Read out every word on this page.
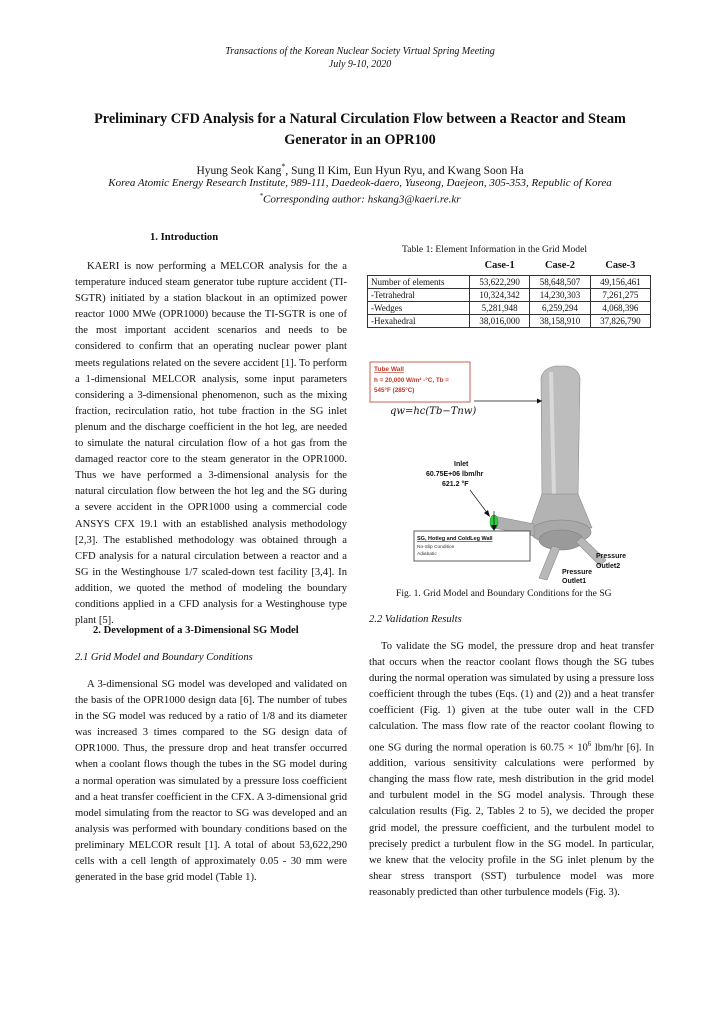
Transactions of the Korean Nuclear Society Virtual Spring Meeting
July 9-10, 2020
Preliminary CFD Analysis for a Natural Circulation Flow between a Reactor and Steam Generator in an OPR100
Hyung Seok Kang*, Sung Il Kim, Eun Hyun Ryu, and Kwang Soon Ha
Korea Atomic Energy Research Institute, 989-111, Daedeok-daero, Yuseong, Daejeon, 305-353, Republic of Korea
*Corresponding author: hskang3@kaeri.re.kr
1. Introduction

KAERI is now performing a MELCOR analysis for the a temperature induced steam generator tube rupture accident (TI-SGTR) initiated by a station blackout in an optimized power reactor 1000 MWe (OPR1000) because the TI-SGTR is one of the most important accident scenarios and needs to be considered to confirm that an operating nuclear power plant meets regulations related on the severe accident [1]. To perform a 1-dimensional MELCOR analysis, some input parameters considering a 3-dimensional phenomenon, such as the mixing fraction, recirculation ratio, hot tube fraction in the SG inlet plenum and the discharge coefficient in the hot leg, are needed to simulate the natural circulation flow of a hot gas from the damaged reactor core to the steam generator in the OPR1000. Thus we have performed a 3-dimensional analysis for the natural circulation flow between the hot leg and the SG during a severe accident in the OPR1000 using a commercial code ANSYS CFX 19.1 with an established analysis methodology [2,3]. The established methodology was obtained through a CFD analysis for a natural circulation between a reactor and a SG in the Westinghouse 1/7 scaled-down test facility [3,4]. In addition, we quoted the method of modeling the boundary conditions applied in a CFD analysis for a Westinghouse type plant [5].

2. Development of a 3-Dimensional SG Model
2.1 Grid Model and Boundary Conditions

A 3-dimensional SG model was developed and validated on the basis of the OPR1000 design data [6]. The number of tubes in the SG model was reduced by a ratio of 1/8 and its diameter was increased 3 times compared to the SG design data of OPR1000. Thus, the pressure drop and heat transfer occurred when a coolant flows though the tubes in the SG model during a normal operation was simulated by a pressure loss coefficient and a heat transfer coefficient in the CFX. A 3-dimensional grid model simulating from the reactor to SG was developed and an analysis was performed with boundary conditions based on the preliminary MELCOR result [1]. A total of about 53,622,290 cells with a cell length of approximately 0.05 - 30 mm were generated in the base grid model (Table 1).

Table 1: Element Information in the Grid Model
	Case-1	Case-2	Case-3
Number of elements	53,622,290	58,648,507	49,156,461
-Tetrahedral	10,324,342	14,230,303	7,261,275
-Wedges	5,281,948	6,259,294	4,068,396
-Hexahedral	38,016,000	38,158,910	37,826,790
Tube Wall
h = 20,000 W/m² -°C, Tb =
545°F (285°C)
qw=hc(Tb−Tnw)
Inlet
60.75E+06 lbm/hr
621.2 °F
SG, Hotleg and ColdLeg Wall
No-Slip Condition
Adiabatic	Pressure
Outlet2
Pressure
Outlet1
Fig. 1. Grid Model and Boundary Conditions for the SG
2.2 Validation Results

To validate the SG model, the pressure drop and heat transfer that occurs when the reactor coolant flows though the SG tubes during the normal operation was simulated by using a pressure loss coefficient through the tubes (Eqs. (1) and (2)) and a heat transfer coefficient (Fig. 1) given at the tube outer wall in the CFD calculation. The mass flow rate of the reactor coolant flowing to one SG during the normal operation is $60.75 \times 10^6$ lbm/hr [6]. In addition, various sensitivity calculations were performed by changing the mass flow rate, mesh distribution in the grid model and turbulent model in the SG model analysis. Through these calculation results (Fig. 2, Tables 2 to 5), we decided the proper grid model, the pressure coefficient, and the turbulent model to precisely predict a turbulent flow in the SG model. In particular, we knew that the velocity profile in the SG inlet plenum by the shear stress transport (SST) turbulence model was more reasonably predicted than other turbulence models (Fig. 3).
